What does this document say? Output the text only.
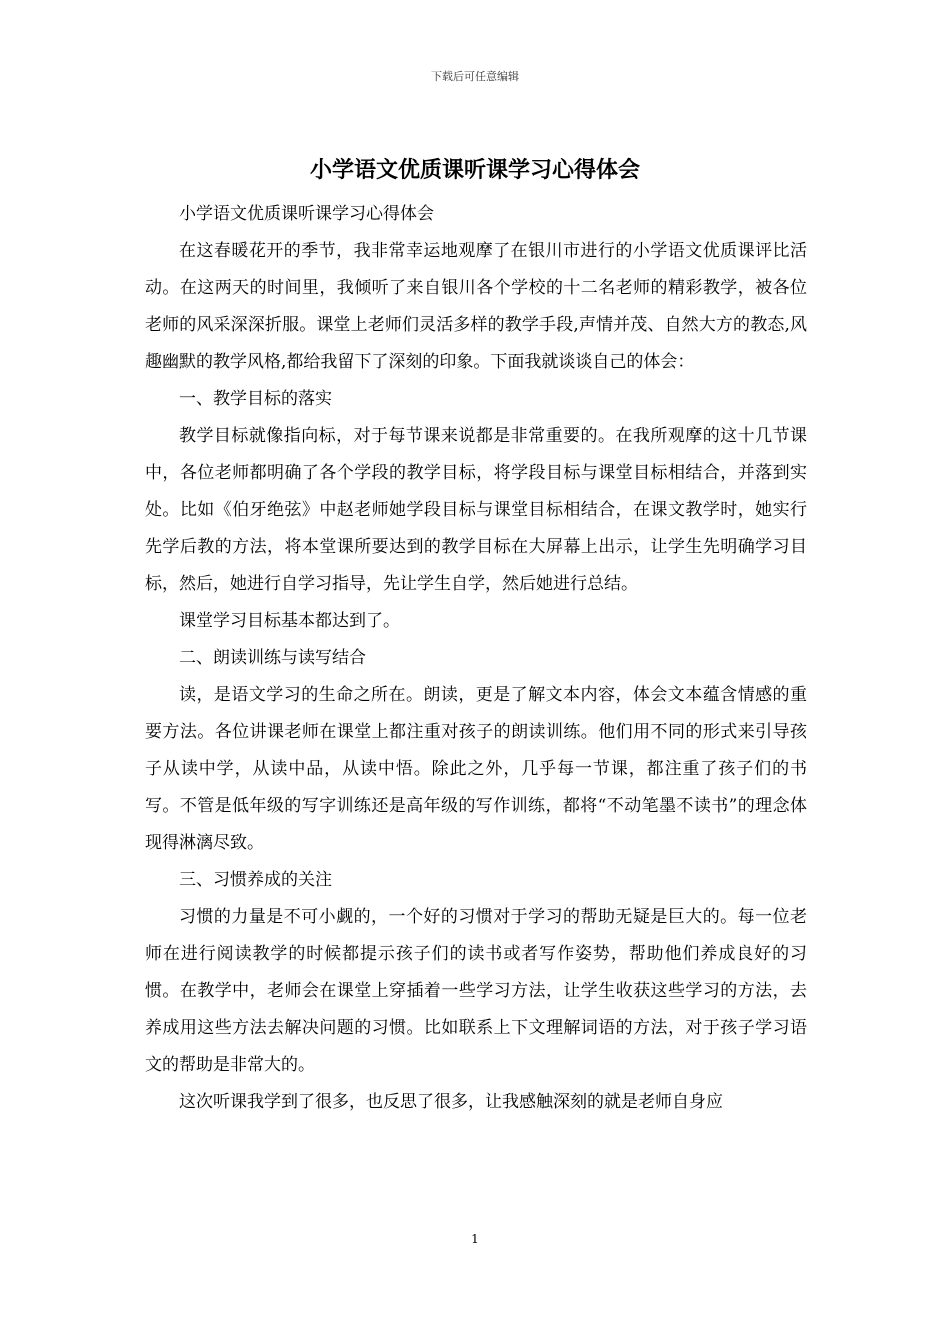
下载后可任意编辑
小学语文优质课听课学习心得体会

小学语文优质课听课学习心得体会

在这春暖花开的季节，我非常幸运地观摩了在银川市进行的小学语文优质课评比活动。在这两天的时间里，我倾听了来自银川各个学校的十二名老师的精彩教学，被各位老师的风采深深折服。课堂上老师们灵活多样的教学手段,声情并茂、自然大方的教态,风趣幽默的教学风格,都给我留下了深刻的印象。下面我就谈谈自己的体会：

一、教学目标的落实

教学目标就像指向标，对于每节课来说都是非常重要的。在我所观摩的这十几节课中，各位老师都明确了各个学段的教学目标，将学段目标与课堂目标相结合，并落到实处。比如《伯牙绝弦》中赵老师她学段目标与课堂目标相结合，在课文教学时，她实行先学后教的方法，将本堂课所要达到的教学目标在大屏幕上出示，让学生先明确学习目标，然后，她进行自学习指导，先让学生自学，然后她进行总结。

课堂学习目标基本都达到了。

二、朗读训练与读写结合

读，是语文学习的生命之所在。朗读，更是了解文本内容，体会文本蕴含情感的重要方法。各位讲课老师在课堂上都注重对孩子的朗读训练。他们用不同的形式来引导孩子从读中学，从读中品，从读中悟。除此之外，几乎每一节课，都注重了孩子们的书写。不管是低年级的写字训练还是高年级的写作训练，都将“不动笔墨不读书”的理念体现得淋漓尽致。

三、习惯养成的关注

习惯的力量是不可小觑的，一个好的习惯对于学习的帮助无疑是巨大的。每一位老师在进行阅读教学的时候都提示孩子们的读书或者写作姿势，帮助他们养成良好的习惯。在教学中，老师会在课堂上穿插着一些学习方法，让学生收获这些学习的方法，去养成用这些方法去解决问题的习惯。比如联系上下文理解词语的方法，对于孩子学习语文的帮助是非常大的。

这次听课我学到了很多，也反思了很多，让我感触深刻的就是老师自身应

1
